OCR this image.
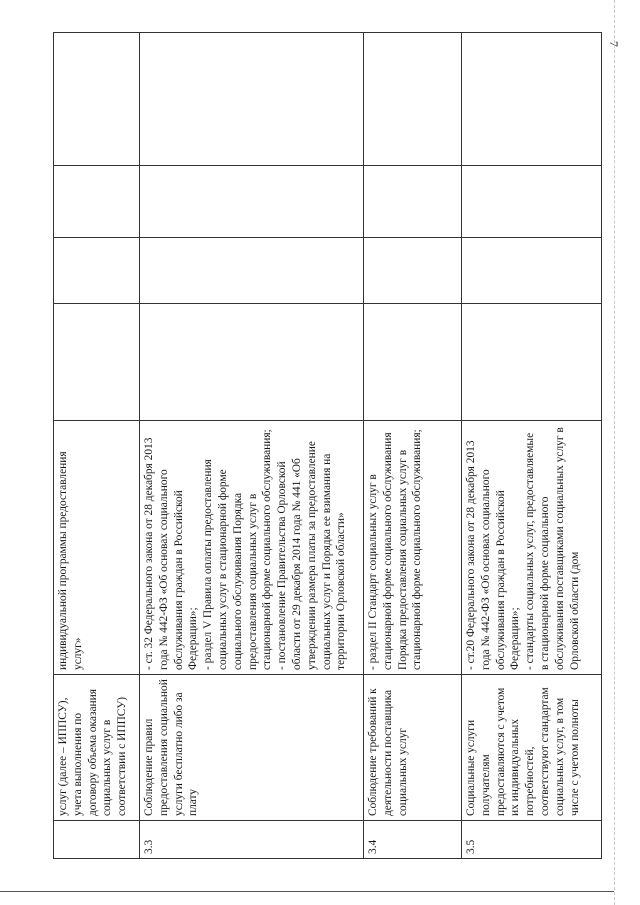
7
	услуг (далее – ИППСУ), учета выполнения по договору объема оказания социальных услуг в соответствии с ИППСУ)	индивидуальной программы предоставления услуг»				
3.3	Соблюдение правил предоставления социальной услуги бесплатно либо за плату	- ст. 32 Федерального закона от 28 декабря 2013 года № 442-ФЗ «Об основах социального обслуживания граждан в Российской Федерации»;
- раздел V Правила оплаты предоставления социальных услуг в стационарной форме социального обслуживания Порядка предоставления социальных услуг в стационарной форме социального обслуживания;
- постановление Правительства Орловской области от 29 декабря 2014 года № 441 «Об утверждении размера платы за предоставление социальных услуг и Порядка ее взимания на территории Орловской области»				
3.4	Соблюдение требований к деятельности поставщика социальных услуг	- раздел II Стандарт социальных услуг в стационарной форме социального обслуживания Порядка предоставления социальных услуг в стационарной форме социального обслуживания;				
3.5	Социальные услуги получателям предоставляются с учетом их индивидуальных потребностей, соответствуют стандартам социальных услуг, в том числе с учетом полноты	- ст.20 Федерального закона от 28 декабря 2013 года № 442-ФЗ «Об основах социального обслуживания граждан в Российской Федерации»;
- стандарты социальных услуг, предоставляемые в стационарной форме социального обслуживания поставщиками социальных услуг в Орловской области (дом				
